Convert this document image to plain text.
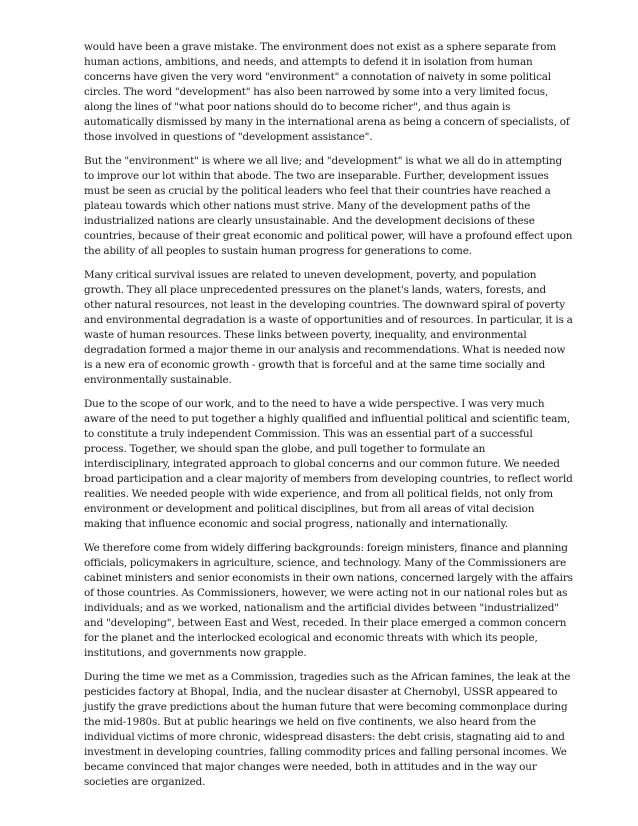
would have been a grave mistake. The environment does not exist as a sphere separate from human actions, ambitions, and needs, and attempts to defend it in isolation from human concerns have given the very word "environment" a connotation of naivety in some political circles. The word "development" has also been narrowed by some into a very limited focus, along the lines of "what poor nations should do to become richer", and thus again is automatically dismissed by many in the international arena as being a concern of specialists, of those involved in questions of "development assistance".

But the "environment" is where we all live; and "development" is what we all do in attempting to improve our lot within that abode. The two are inseparable. Further, development issues must be seen as crucial by the political leaders who feel that their countries have reached a plateau towards which other nations must strive. Many of the development paths of the industrialized nations are clearly unsustainable. And the development decisions of these countries, because of their great economic and political power, will have a profound effect upon the ability of all peoples to sustain human progress for generations to come.

Many critical survival issues are related to uneven development, poverty, and population growth. They all place unprecedented pressures on the planet's lands, waters, forests, and other natural resources, not least in the developing countries. The downward spiral of poverty and environmental degradation is a waste of opportunities and of resources. In particular, it is a waste of human resources. These links between poverty, inequality, and environmental degradation formed a major theme in our analysis and recommendations. What is needed now is a new era of economic growth - growth that is forceful and at the same time socially and environmentally sustainable.

Due to the scope of our work, and to the need to have a wide perspective. I was very much aware of the need to put together a highly qualified and influential political and scientific team, to constitute a truly independent Commission. This was an essential part of a successful process. Together, we should span the globe, and pull together to formulate an interdisciplinary, integrated approach to global concerns and our common future. We needed broad participation and a clear majority of members from developing countries, to reflect world realities. We needed people with wide experience, and from all political fields, not only from environment or development and political disciplines, but from all areas of vital decision making that influence economic and social progress, nationally and internationally.

We therefore come from widely differing backgrounds: foreign ministers, finance and planning officials, policymakers in agriculture, science, and technology. Many of the Commissioners are cabinet ministers and senior economists in their own nations, concerned largely with the affairs of those countries. As Commissioners, however, we were acting not in our national roles but as individuals; and as we worked, nationalism and the artificial divides between "industrialized" and "developing", between East and West, receded. In their place emerged a common concern for the planet and the interlocked ecological and economic threats with which its people, institutions, and governments now grapple.

During the time we met as a Commission, tragedies such as the African famines, the leak at the pesticides factory at Bhopal, India, and the nuclear disaster at Chernobyl, USSR appeared to justify the grave predictions about the human future that were becoming commonplace during the mid-1980s. But at public hearings we held on five continents, we also heard from the individual victims of more chronic, widespread disasters: the debt crisis, stagnating aid to and investment in developing countries, falling commodity prices and falling personal incomes. We became convinced that major changes were needed, both in attitudes and in the way our societies are organized.
